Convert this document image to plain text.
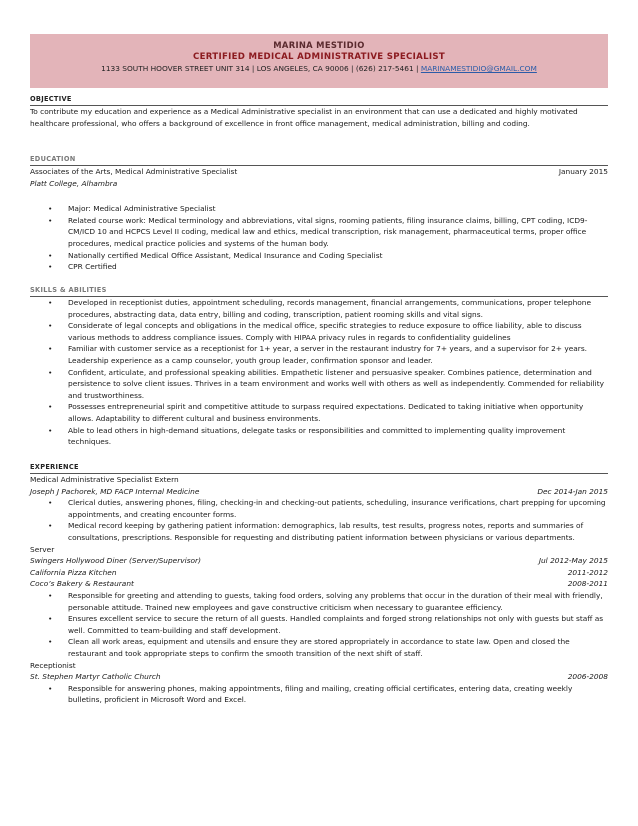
MARINA MESTIDIO
CERTIFIED MEDICAL ADMINISTRATIVE SPECIALIST
1133 SOUTH HOOVER STREET UNIT 314 | LOS ANGELES, CA 90006 | (626) 217-5461 | MARINAMESTIDIO@GMAIL.COM
OBJECTIVE
To contribute my education and experience as a Medical Administrative specialist in an environment that can use a dedicated and highly motivated healthcare professional, who offers a background of excellence in front office management, medical administration, billing and coding.
EDUCATION
Associates of the Arts, Medical Administrative Specialist	January 2015
Platt College, Alhambra
• Major: Medical Administrative Specialist
• Related course work: Medical terminology and abbreviations, vital signs, rooming patients, filing insurance claims, billing, CPT coding, ICD9-CM/ICD 10 and HCPCS Level II coding, medical law and ethics, medical transcription, risk management, pharmaceutical terms, proper office procedures, medical practice policies and systems of the human body.
• Nationally certified Medical Office Assistant, Medical Insurance and Coding Specialist
• CPR Certified
SKILLS & ABILITIES
• Developed in receptionist duties, appointment scheduling, records management, financial arrangements, communications, proper telephone procedures, abstracting data, data entry, billing and coding, transcription, patient rooming skills and vital signs.
• Considerate of legal concepts and obligations in the medical office, specific strategies to reduce exposure to office liability, able to discuss various methods to address compliance issues. Comply with HIPAA privacy rules in regards to confidentiality guidelines
• Familiar with customer service as a receptionist for 1+ year, a server in the restaurant industry for 7+ years, and a supervisor for 2+ years. Leadership experience as a camp counselor, youth group leader, confirmation sponsor and leader.
• Confident, articulate, and professional speaking abilities. Empathetic listener and persuasive speaker. Combines patience, determination and persistence to solve client issues. Thrives in a team environment and works well with others as well as independently. Commended for reliability and trustworthiness.
• Possesses entrepreneurial spirit and competitive attitude to surpass required expectations. Dedicated to taking initiative when opportunity allows. Adaptability to different cultural and business environments.
• Able to lead others in high-demand situations, delegate tasks or responsibilities and committed to implementing quality improvement techniques.
EXPERIENCE
Medical Administrative Specialist Extern
Joseph J Pachorek, MD FACP Internal Medicine	Dec 2014-Jan 2015
• Clerical duties, answering phones, filing, checking-in and checking-out patients, scheduling, insurance verifications, chart prepping for upcoming appointments, and creating encounter forms.
• Medical record keeping by gathering patient information: demographics, lab results, test results, progress notes, reports and summaries of consultations, prescriptions. Responsible for requesting and distributing patient information between physicians or various departments.
Server
Swingers Hollywood Diner (Server/Supervisor)	Jul 2012-May 2015
California Pizza Kitchen	2011-2012
Coco’s Bakery & Restaurant	2008-2011
• Responsible for greeting and attending to guests, taking food orders, solving any problems that occur in the duration of their meal with friendly, personable attitude. Trained new employees and gave constructive criticism when necessary to guarantee efficiency.
• Ensures excellent service to secure the return of all guests. Handled complaints and forged strong relationships not only with guests but staff as well. Committed to team-building and staff development.
• Clean all work areas, equipment and utensils and ensure they are stored appropriately in accordance to state law. Open and closed the restaurant and took appropriate steps to confirm the smooth transition of the next shift of staff.
Receptionist
St. Stephen Martyr Catholic Church	2006-2008
• Responsible for answering phones, making appointments, filing and mailing, creating official certificates, entering data, creating weekly bulletins, proficient in Microsoft Word and Excel.
